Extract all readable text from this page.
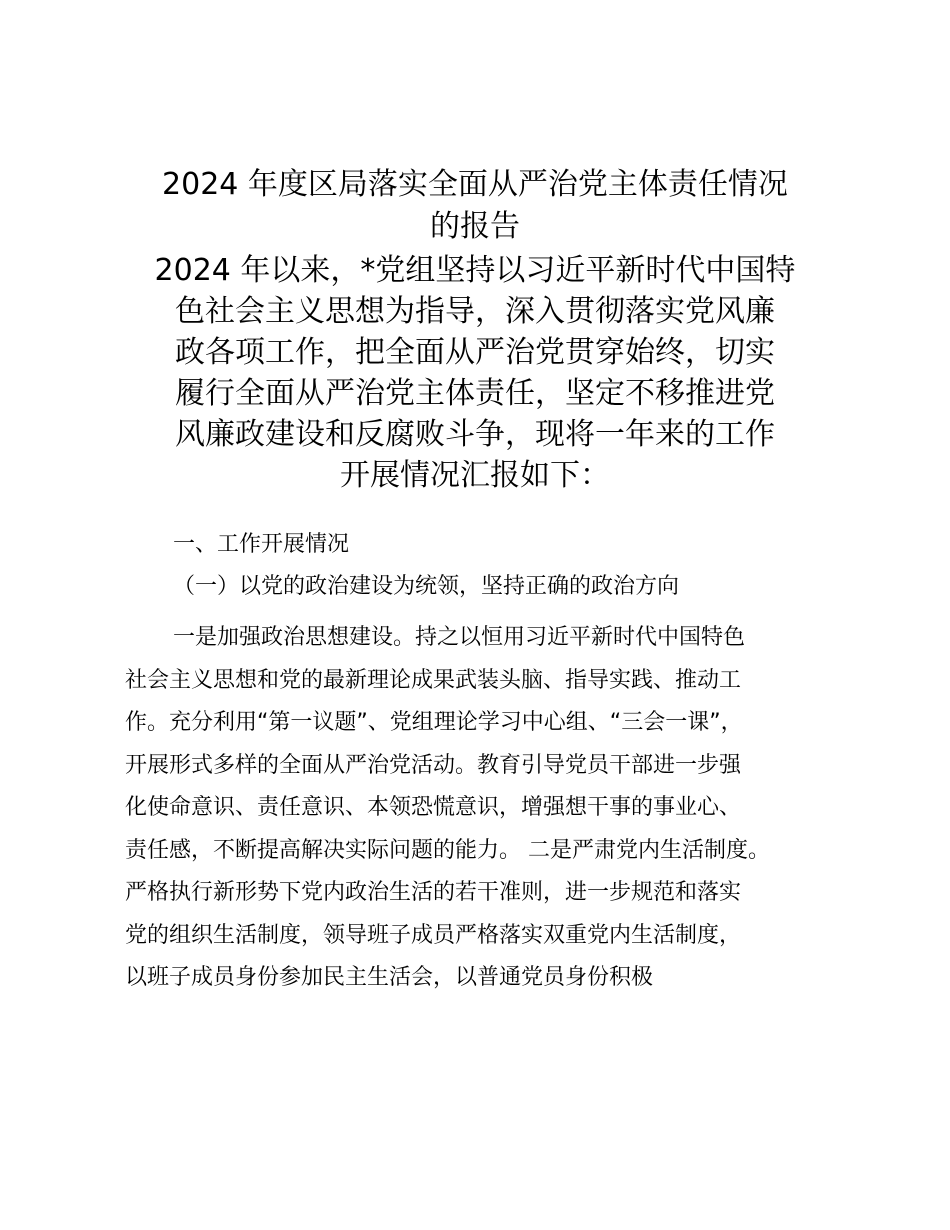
2024 年度区局落实全面从严治党主体责任情况
的报告

2024 年以来，*党组坚持以习近平新时代中国特
色社会主义思想为指导，深入贯彻落实党风廉
政各项工作，把全面从严治党贯穿始终，切实
履行全面从严治党主体责任，坚定不移推进党
风廉政建设和反腐败斗争，现将一年来的工作
开展情况汇报如下：

一、工作开展情况

（一）以党的政治建设为统领，坚持正确的政治方向

一是加强政治思想建设。持之以恒用习近平新时代中国特色
社会主义思想和党的最新理论成果武装头脑、指导实践、推动工
作。充分利用“第一议题”、党组理论学习中心组、“三会一课”，
开展形式多样的全面从严治党活动。教育引导党员干部进一步强
化使命意识、责任意识、本领恐慌意识，增强想干事的事业心、
责任感，不断提高解决实际问题的能力。 二是严肃党内生活制度。
严格执行新形势下党内政治生活的若干准则，进一步规范和落实
党的组织生活制度，领导班子成员严格落实双重党内生活制度，
以班子成员身份参加民主生活会，以普通党员身份积极
